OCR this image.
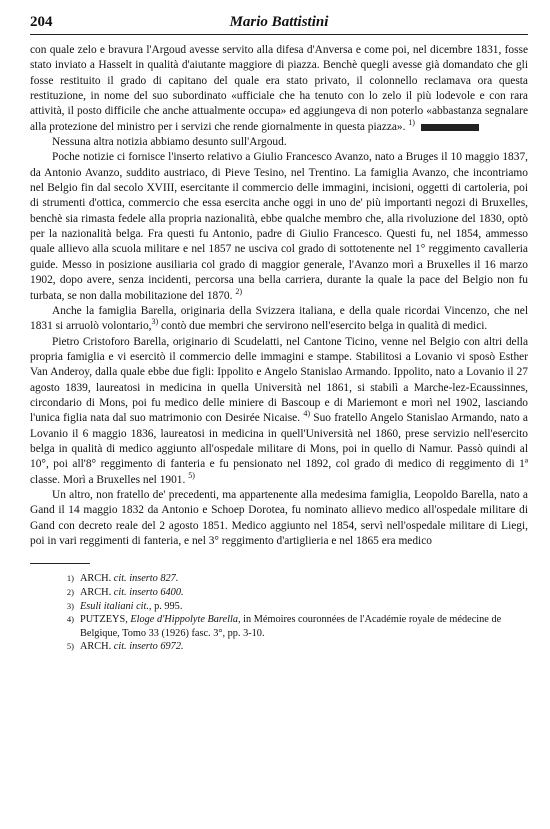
204	Mario Battistini

con quale zelo e bravura l'Argoud avesse servito alla difesa d'Anversa e come poi, nel dicembre 1831, fosse stato inviato a Hasselt in qualità d'aiutante maggiore di piazza. Benchè quegli avesse già domandato che gli fosse restituito il grado di capitano del quale era stato privato, il colonnello reclamava ora questa restituzione, in nome del suo subordinato «ufficiale che ha tenuto con lo zelo il più lodevole e con rara attività, il posto difficile che anche attualmente occupa» ed aggiungeva di non poterlo «abbastanza segnalare alla protezione del ministro per i servizi che rende giornalmente in questa piazza». $^{1)}$

Nessuna altra notizia abbiamo desunto sull'Argoud.

Poche notizie ci fornisce l'inserto relativo a Giulio Francesco Avanzo, nato a Bruges il 10 maggio 1837, da Antonio Avanzo, suddito austriaco, di Pieve Tesino, nel Trentino. La famiglia Avanzo, che incontriamo nel Belgio fin dal secolo XVIII, esercitante il commercio delle immagini, incisioni, oggetti di cartoleria, poi di strumenti d'ottica, commercio che essa esercita anche oggi in uno de' più importanti negozi di Bruxelles, benchè sia rimasta fedele alla propria nazionalità, ebbe qualche membro che, alla rivoluzione del 1830, optò per la nazionalità belga. Fra questi fu Antonio, padre di Giulio Francesco. Questi fu, nel 1854, ammesso quale allievo alla scuola militare e nel 1857 ne usciva col grado di sottotenente nel 1° reggimento cavalleria guide. Messo in posizione ausiliaria col grado di maggior generale, l'Avanzo morì a Bruxelles il 16 marzo 1902, dopo avere, senza incidenti, percorsa una bella carriera, durante la quale la pace del Belgio non fu turbata, se non dalla mobilitazione del 1870. $^{2)}$

Anche la famiglia Barella, originaria della Svizzera italiana, e della quale ricordai Vincenzo, che nel 1831 si arruolò volontario,$^{3)}$ contò due membri che servirono nell'esercito belga in qualità di medici.

Pietro Cristoforo Barella, originario di Scudelatti, nel Cantone Ticino, venne nel Belgio con altri della propria famiglia e vi esercitò il commercio delle immagini e stampe. Stabilitosi a Lovanio vi sposò Esther Van Anderoy, dalla quale ebbe due figli: Ippolito e Angelo Stanislao Armando. Ippolito, nato a Lovanio il 27 agosto 1839, laureatosi in medicina in quella Università nel 1861, si stabilì a Marche-lez-Ecaussinnes, circondario di Mons, poi fu medico delle miniere di Bascoup e di Mariemont e morì nel 1902, lasciando l'unica figlia nata dal suo matrimonio con Desirée Nicaise. $^{4)}$ Suo fratello Angelo Stanislao Armando, nato a Lovanio il 6 maggio 1836, laureatosi in medicina in quell'Università nel 1860, prese servizio nell'esercito belga in qualità di medico aggiunto all'ospedale militare di Mons, poi in quello di Namur. Passò quindi al 10°, poi all'8° reggimento di fanteria e fu pensionato nel 1892, col grado di medico di reggimento di 1ª classe. Morì a Bruxelles nel 1901. $^{5)}$

Un altro, non fratello de' precedenti, ma appartenente alla medesima famiglia, Leopoldo Barella, nato a Gand il 14 maggio 1832 da Antonio e Schoep Dorotea, fu nominato allievo medico all'ospedale militare di Gand con decreto reale del 2 agosto 1851. Medico aggiunto nel 1854, servì nell'ospedale militare di Liegi, poi in vari reggimenti di fanteria, e nel 3° reggimento d'artiglieria e nel 1865 era medico

1) ARCH. cit. inserto 827.
2) ARCH. cit. inserto 6400.
3) Esuli italiani cit., p. 995.
4) PUTZEYS, Eloge d'Hippolyte Barella, in Mémoires couronnées de l'Académie royale de médecine de Belgique, Tomo 33 (1926) fasc. 3°, pp. 3-10.
5) ARCH. cit. inserto 6972.
